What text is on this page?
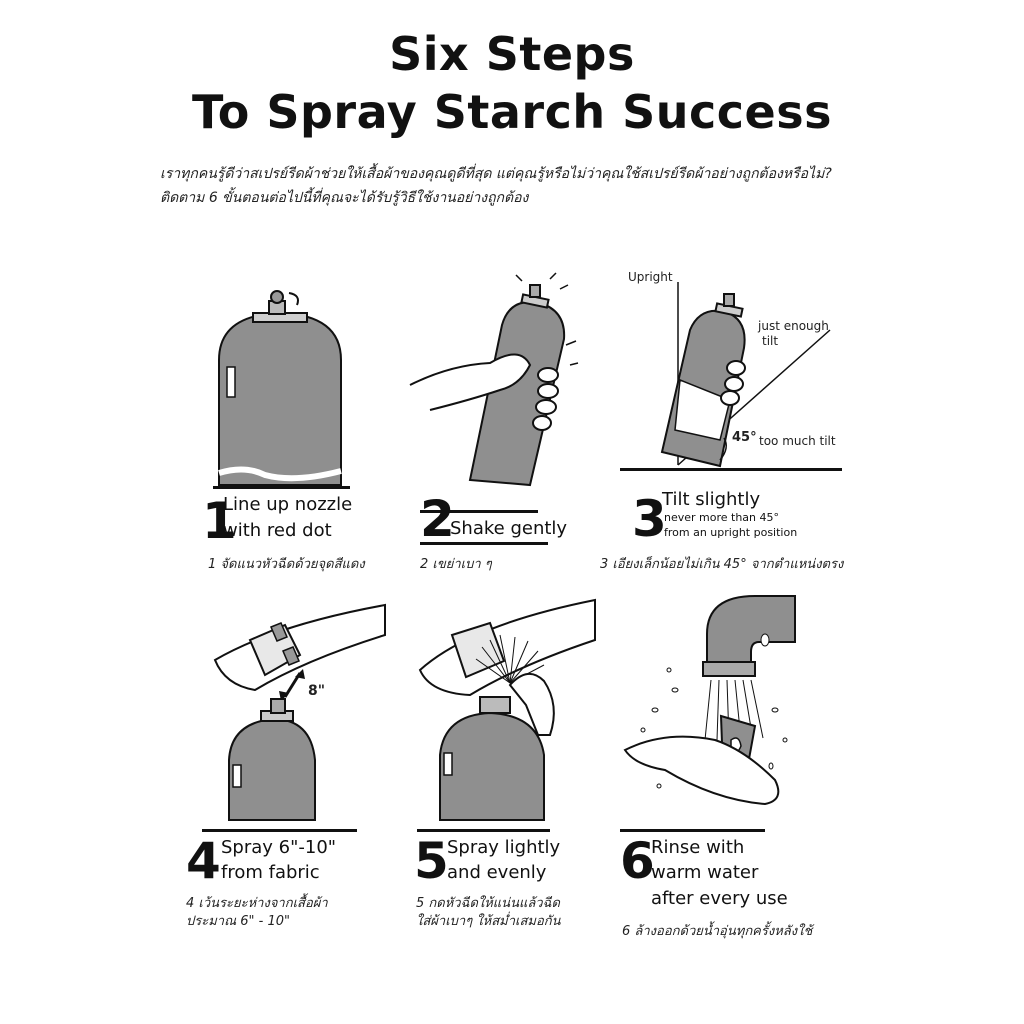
Six Steps
To Spray Starch Success
เราทุกคนรู้ดีว่าสเปรย์รีดผ้าช่วยให้เสื้อผ้าของคุณดูดีที่สุด แต่คุณรู้หรือไม่ว่าคุณใช้สเปรย์รีดผ้าอย่างถูกต้องหรือไม่?
ติดตาม 6 ขั้นตอนต่อไปนี้ที่คุณจะได้รับรู้วิธีใช้งานอย่างถูกต้อง
Upright
just enough
tilt
45° too much tilt
8"
1
Line up nozzle
with red dot
1 จัดแนวหัวฉีดด้วยจุดสีแดง
2
Shake gently
2 เขย่าเบา ๆ
3
Tilt slightly
never more than 45°
from an upright position
3 เอียงเล็กน้อยไม่เกิน 45° จากตำแหน่งตรง
4 Spray 6"-10"
from fabric
4 เว้นระยะห่างจากเสื้อผ้า
ประมาณ 6" - 10"
5
Spray lightly
and evenly
5 กดหัวฉีดให้แน่นแล้วฉีด
ใส่ผ้าเบาๆ ให้สม่ำเสมอกัน
6
Rinse with
warm water
after every use
6 ล้างออกด้วยน้ำอุ่นทุกครั้งหลังใช้
